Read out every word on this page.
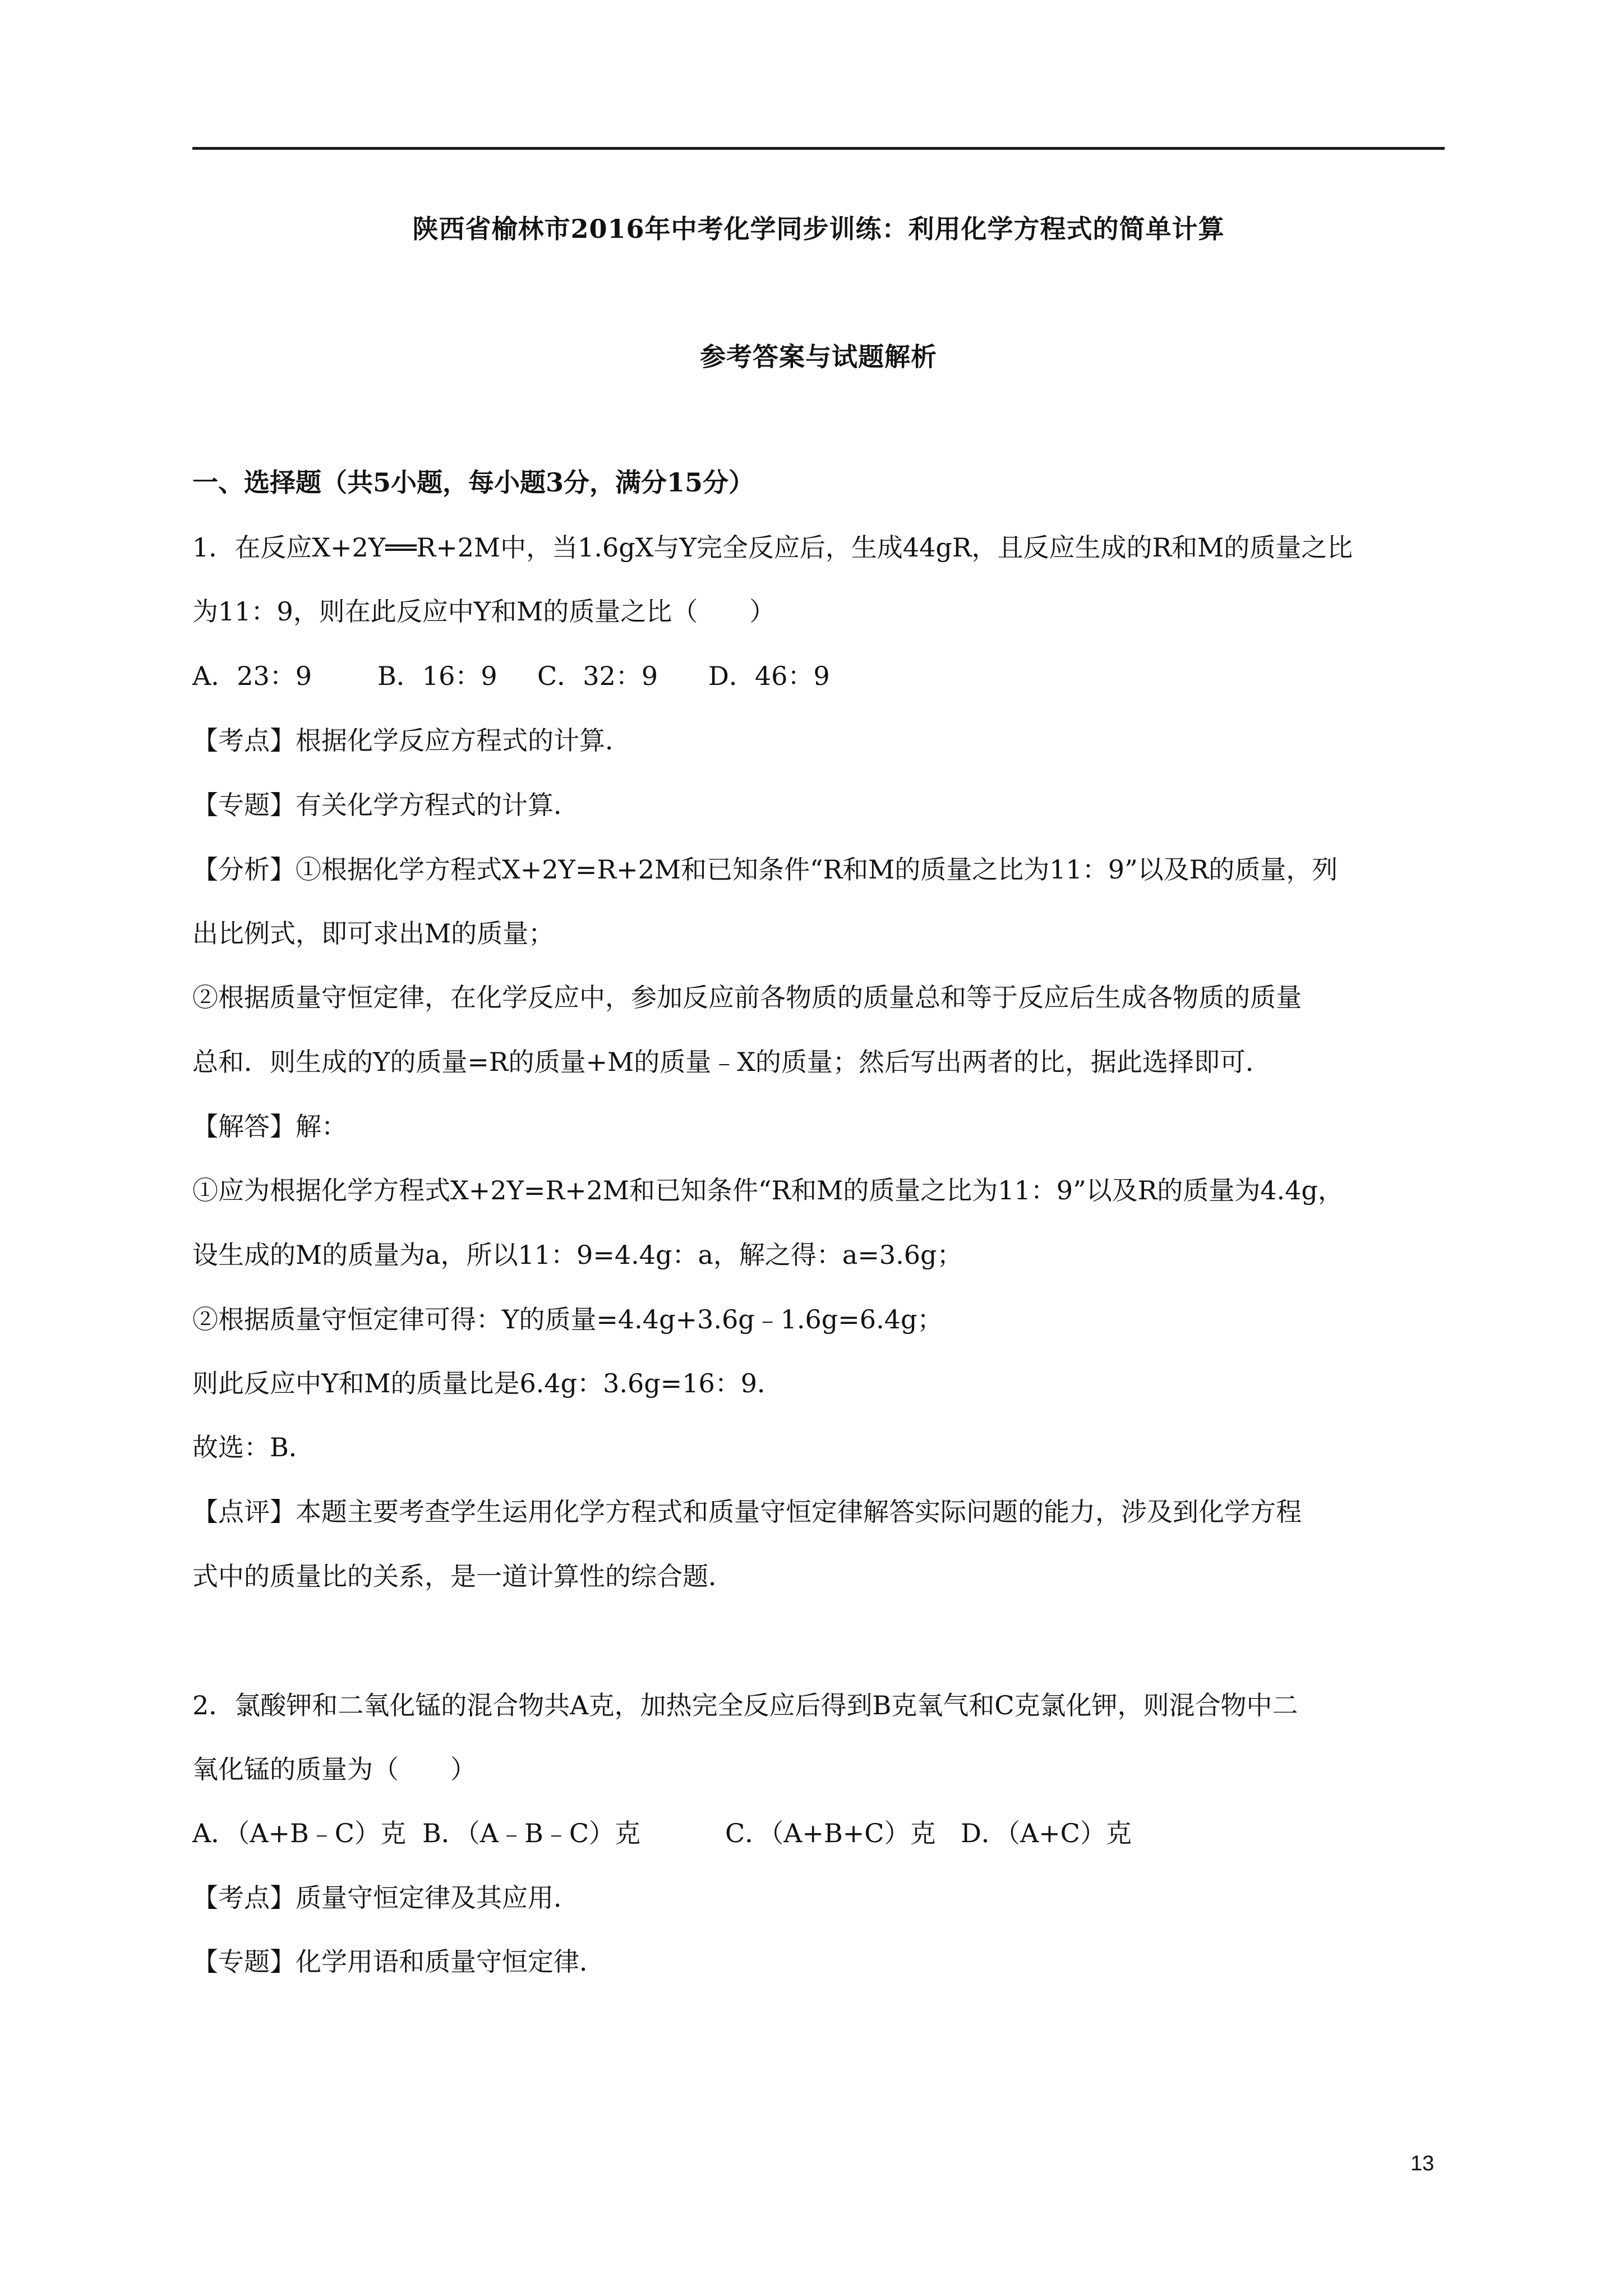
陕西省榆林市2016年中考化学同步训练：利用化学方程式的简单计算
参考答案与试题解析
一、选择题（共5小题，每小题3分，满分15分）
1．在反应X+2Y══R+2M中，当1.6gX与Y完全反应后，生成44gR，且反应生成的R和M的质量之比
为11：9，则在此反应中Y和M的质量之比（　　）
A．23：9	B．16：9 C．32：9 D．46：9
【考点】根据化学反应方程式的计算．
【专题】有关化学方程式的计算．
【分析】①根据化学方程式X+2Y=R+2M和已知条件“R和M的质量之比为11：9”以及R的质量，列
出比例式，即可求出M的质量；
②根据质量守恒定律，在化学反应中，参加反应前各物质的质量总和等于反应后生成各物质的质量
总和．则生成的Y的质量=R的质量+M的质量﹣X的质量；然后写出两者的比，据此选择即可．
【解答】解：
①应为根据化学方程式X+2Y=R+2M和已知条件“R和M的质量之比为11：9”以及R的质量为4.4g，
设生成的M的质量为a，所以11：9=4.4g：a，解之得：a=3.6g；
②根据质量守恒定律可得：Y的质量=4.4g+3.6g﹣1.6g=6.4g；
则此反应中Y和M的质量比是6.4g：3.6g=16：9．
故选：B．
【点评】本题主要考查学生运用化学方程式和质量守恒定律解答实际问题的能力，涉及到化学方程
式中的质量比的关系，是一道计算性的综合题．
2．氯酸钾和二氧化锰的混合物共A克，加热完全反应后得到B克氧气和C克氯化钾，则混合物中二
氧化锰的质量为（　　）
A．（A+B﹣C）克 B．（A﹣B﹣C）克	C．（A+B+C）克 D．（A+C）克
【考点】质量守恒定律及其应用．
【专题】化学用语和质量守恒定律．
13
